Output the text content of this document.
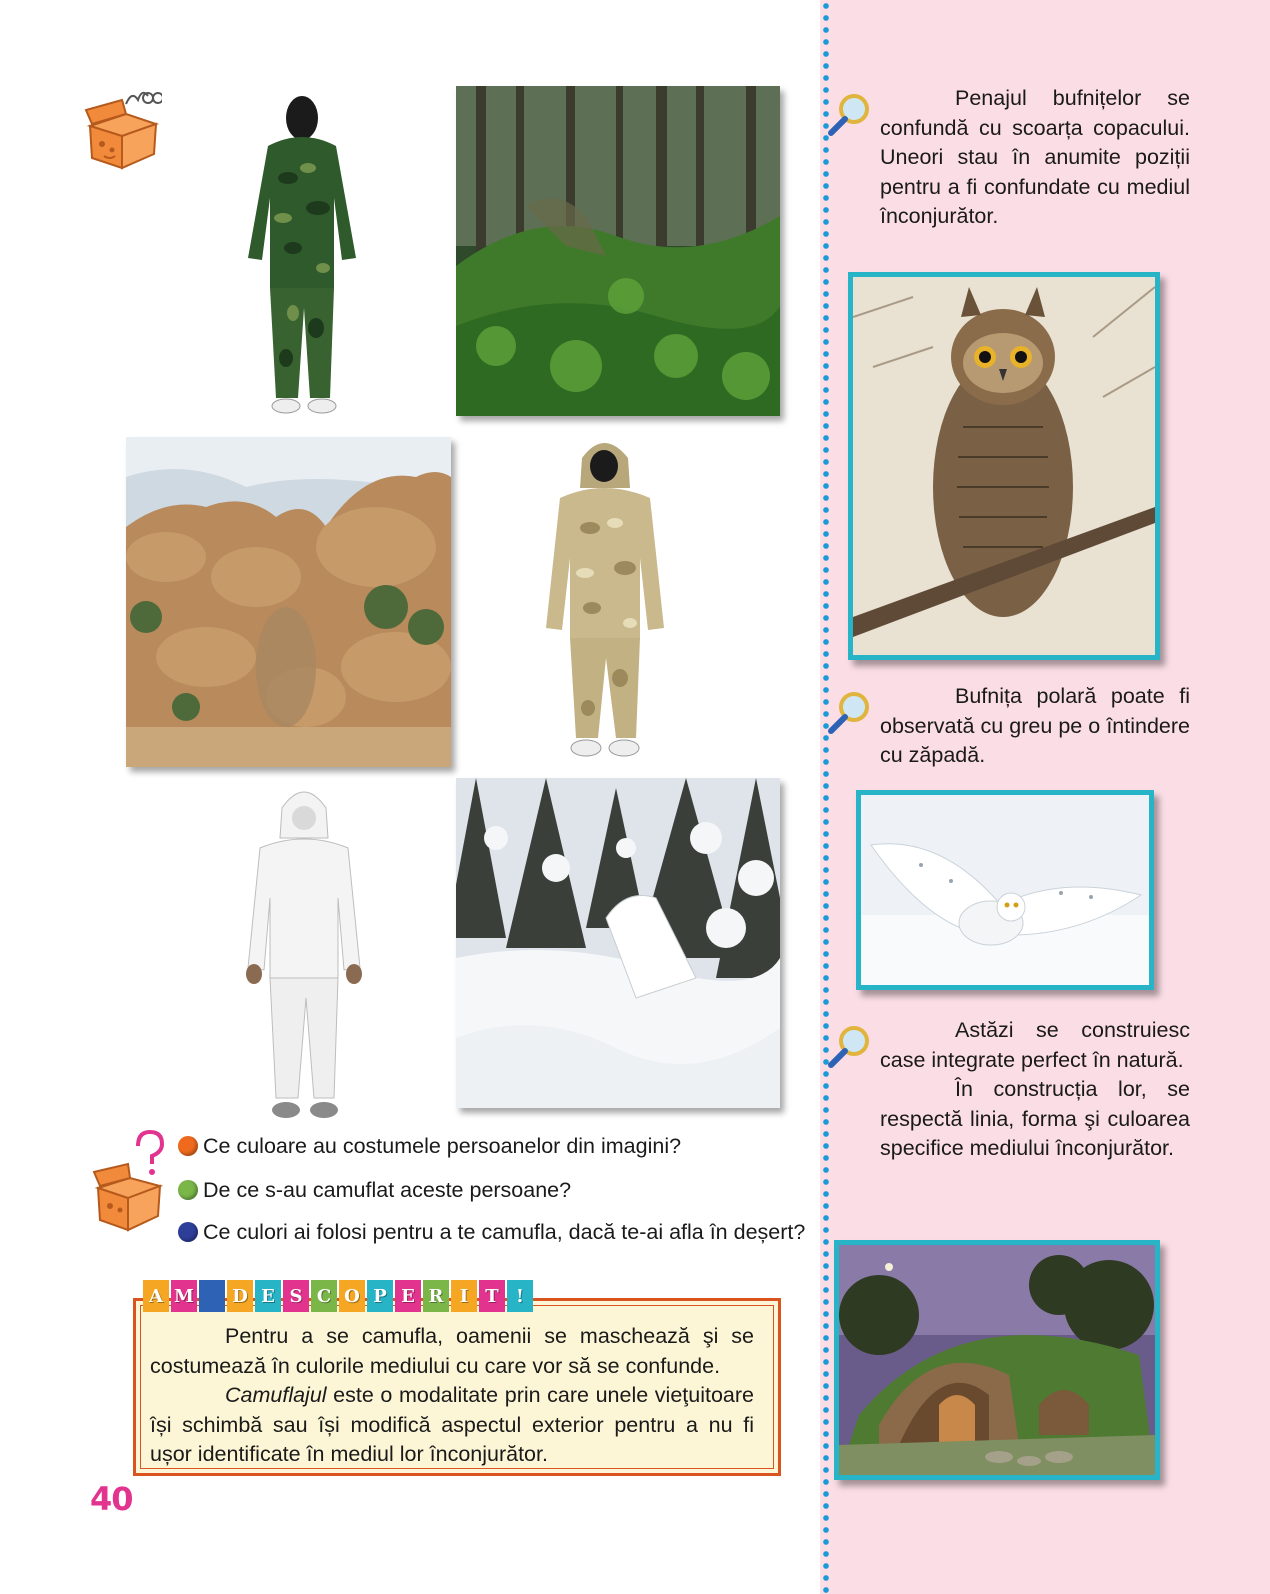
Ce culoare au costumele persoanelor din imagini?
De ce s-au camuflat aceste persoane?
Ce culori ai folosi pentru a te camufla, dacă te-ai afla în deșert?
A M D E S C O P E R I T !

Pentru a se camufla, oamenii se maschează şi se costumează în culorile mediului cu care vor să se confunde.

Camuflajul este o modalitate prin care unele vieţuitoare își schimbă sau își modifică aspectul exterior pentru a nu fi ușor identificate în mediul lor înconjurător.

40

Penajul bufnițelor se confundă cu scoarța copacului. Uneori stau în anumite poziții pentru a fi confundate cu mediul înconjurător.

Bufnița polară poate fi observată cu greu pe o întindere cu zăpadă.

Astăzi se construiesc case integrate perfect în natură.

În construcția lor, se respectă linia, forma şi culoarea specifice mediului înconjurător.
